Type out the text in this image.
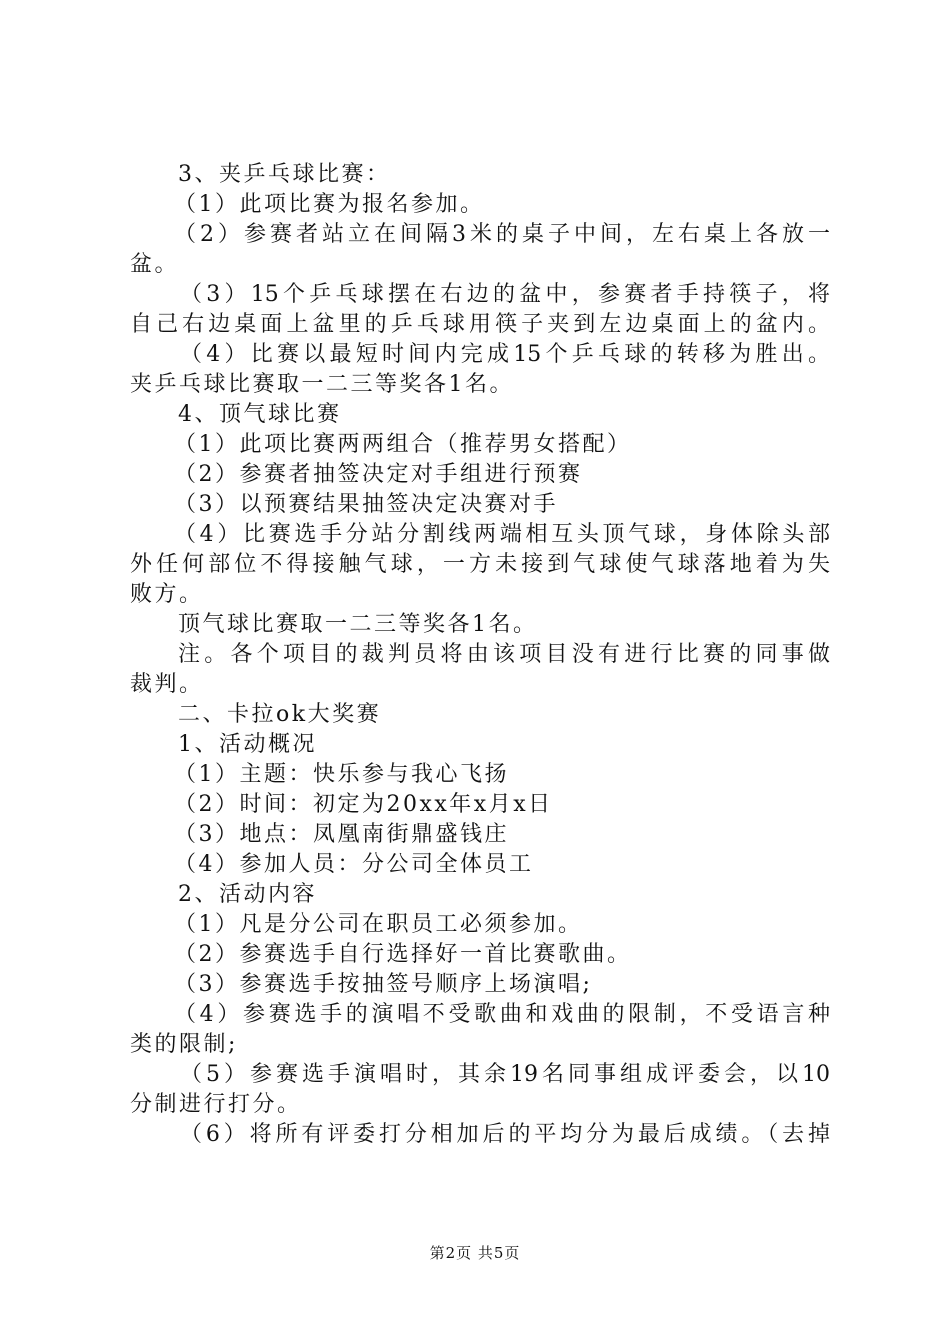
3、夹乒乓球比赛：
（1）此项比赛为报名参加。
（2）参赛者站立在间隔3米的桌子中间，左右桌上各放一
盆。
（3）15个乒乓球摆在右边的盆中，参赛者手持筷子，将
自己右边桌面上盆里的乒乓球用筷子夹到左边桌面上的盆内。
（4）比赛以最短时间内完成15个乒乓球的转移为胜出。
夹乒乓球比赛取一二三等奖各1名。
4、顶气球比赛
（1）此项比赛两两组合（推荐男女搭配）
（2）参赛者抽签决定对手组进行预赛
（3）以预赛结果抽签决定决赛对手
（4）比赛选手分站分割线两端相互头顶气球，身体除头部
外任何部位不得接触气球，一方未接到气球使气球落地着为失
败方。
顶气球比赛取一二三等奖各1名。
注。各个项目的裁判员将由该项目没有进行比赛的同事做
裁判。
二、卡拉ok大奖赛
1、活动概况
（1）主题：快乐参与我心飞扬
（2）时间：初定为20xx年x月x日
（3）地点：凤凰南街鼎盛钱庄
（4）参加人员：分公司全体员工
2、活动内容
（1）凡是分公司在职员工必须参加。
（2）参赛选手自行选择好一首比赛歌曲。
（3）参赛选手按抽签号顺序上场演唱;
（4）参赛选手的演唱不受歌曲和戏曲的限制，不受语言种
类的限制;
（5）参赛选手演唱时，其余19名同事组成评委会，以10
分制进行打分。
（6）将所有评委打分相加后的平均分为最后成绩。（去掉
第2页 共5页
